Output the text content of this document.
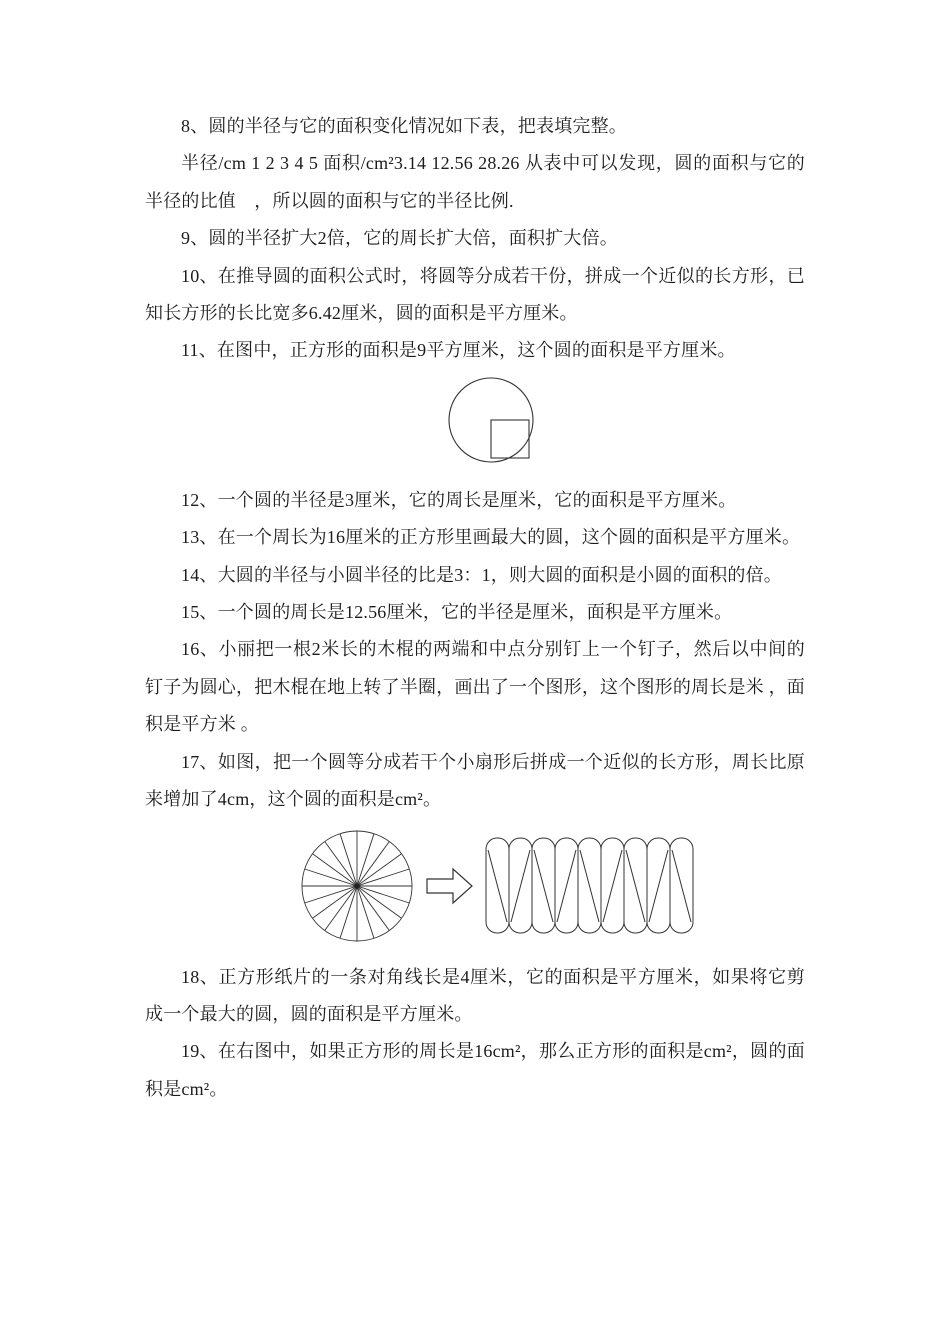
8、圆的半径与它的面积变化情况如下表，把表填完整。

半径/cm 1 2 3 4 5 面积/cm²3.14 12.56 28.26 从表中可以发现，圆的面积与它的半径的比值　，所以圆的面积与它的半径比例.

9、圆的半径扩大2倍，它的周长扩大倍，面积扩大倍。

10、在推导圆的面积公式时，将圆等分成若干份，拼成一个近似的长方形，已知长方形的长比宽多6.42厘米，圆的面积是平方厘米。

11、在图中，正方形的面积是9平方厘米，这个圆的面积是平方厘米。

12、一个圆的半径是3厘米，它的周长是厘米，它的面积是平方厘米。

13、在一个周长为16厘米的正方形里画最大的圆，这个圆的面积是平方厘米。

14、大圆的半径与小圆半径的比是3：1，则大圆的面积是小圆的面积的倍。

15、一个圆的周长是12.56厘米，它的半径是厘米，面积是平方厘米。

16、小丽把一根2米长的木棍的两端和中点分别钉上一个钉子，然后以中间的钉子为圆心，把木棍在地上转了半圈，画出了一个图形，这个图形的周长是米 ，面积是平方米 。

17、如图，把一个圆等分成若干个小扇形后拼成一个近似的长方形，周长比原来增加了4cm，这个圆的面积是cm²。

18、正方形纸片的一条对角线长是4厘米，它的面积是平方厘米，如果将它剪成一个最大的圆，圆的面积是平方厘米。

19、在右图中，如果正方形的周长是16cm²，那么正方形的面积是cm²，圆的面积是cm²。
